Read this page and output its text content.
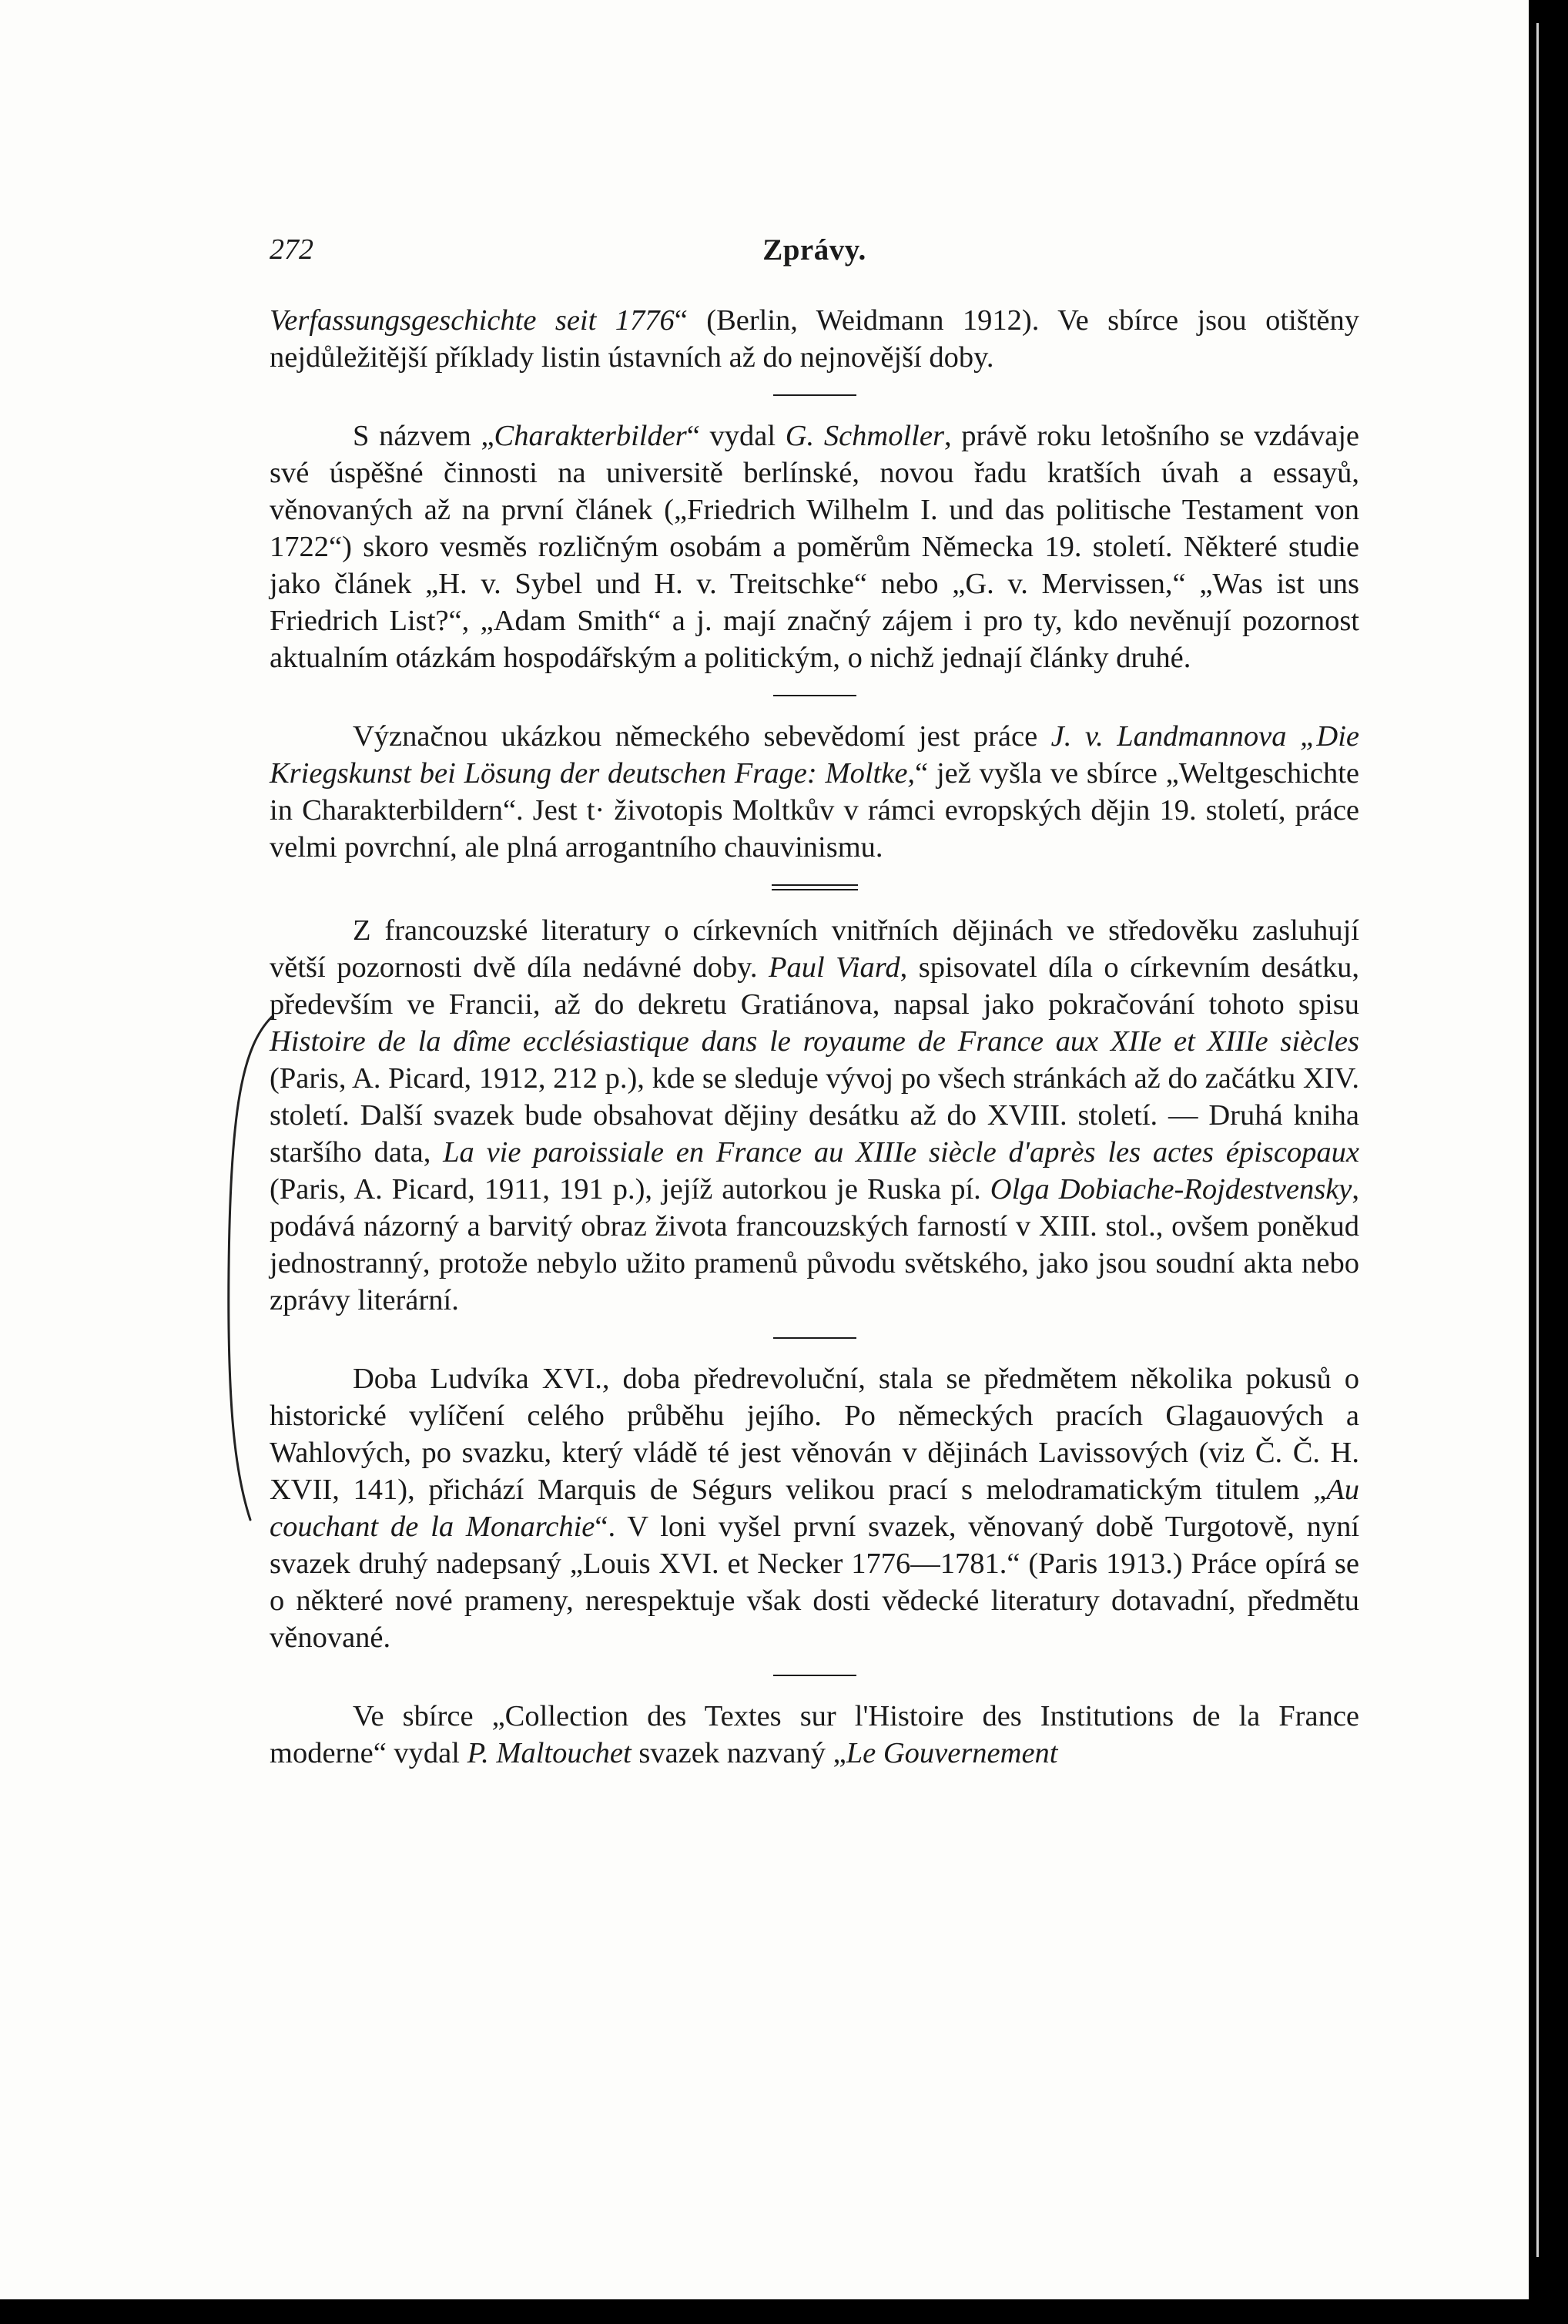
272	Zprávy.
Verfassungsgeschichte seit 1776“ (Berlin, Weidmann 1912). Ve sbírce jsou otištěny nejdůležitější příklady listin ústavních až do nejnovější doby.
S názvem „Charakterbilder“ vydal G. Schmoller, právě roku letošního se vzdávaje své úspěšné činnosti na universitě berlínské, novou řadu kratších úvah a essayů, věnovaných až na první článek („Friedrich Wilhelm I. und das politische Testament von 1722“) skoro vesměs rozličným osobám a poměrům Německa 19. století. Některé studie jako článek „H. v. Sybel und H. v. Treitschke“ nebo „G. v. Mervissen,“ „Was ist uns Friedrich List?“, „Adam Smith“ a j. mají značný zájem i pro ty, kdo nevěnují pozornost aktualním otázkám hospodářským a politickým, o nichž jednají články druhé.
Význačnou ukázkou německého sebevědomí jest práce J. v. Landmannova „Die Kriegskunst bei Lösung der deutschen Frage: Moltke,“ jež vyšla ve sbírce „Weltgeschichte in Charakterbildern“. Jest t· životopis Moltkův v rámci evropských dějin 19. století, práce velmi povrchní, ale plná arrogantního chauvinismu.
Z francouzské literatury o církevních vnitřních dějinách ve středověku zasluhují větší pozornosti dvě díla nedávné doby. Paul Viard, spisovatel díla o církevním desátku, především ve Francii, až do dekretu Gratiánova, napsal jako pokračování tohoto spisu Histoire de la dîme ecclésiastique dans le royaume de France aux XIIe et XIIIe siècles (Paris, A. Picard, 1912, 212 p.), kde se sleduje vývoj po všech stránkách až do začátku XIV. století. Další svazek bude obsahovat dějiny desátku až do XVIII. století. — Druhá kniha staršího data, La vie paroissiale en France au XIIIe siècle d'après les actes épiscopaux (Paris, A. Picard, 1911, 191 p.), jejíž autorkou je Ruska pí. Olga Dobiache-Rojdestvensky, podává názorný a barvitý obraz života francouzských farností v XIII. stol., ovšem poněkud jednostranný, protože nebylo užito pramenů původu světského, jako jsou soudní akta nebo zprávy literární.
Doba Ludvíka XVI., doba předrevoluční, stala se předmětem několika pokusů o historické vylíčení celého průběhu jejího. Po německých pracích Glagauových a Wahlových, po svazku, který vládě té jest věnován v dějinách Lavissových (viz Č. Č. H. XVII, 141), přichází Marquis de Ségurs velikou prací s melodramatickým titulem „Au couchant de la Monarchie“. V loni vyšel první svazek, věnovaný době Turgotově, nyní svazek druhý nadepsaný „Louis XVI. et Necker 1776—1781.“ (Paris 1913.) Práce opírá se o některé nové prameny, nerespektuje však dosti vědecké literatury dotavadní, předmětu věnované.
Ve sbírce „Collection des Textes sur l'Histoire des Institutions de la France moderne“ vydal P. Maltouchet svazek nazvaný „Le Gouvernement
